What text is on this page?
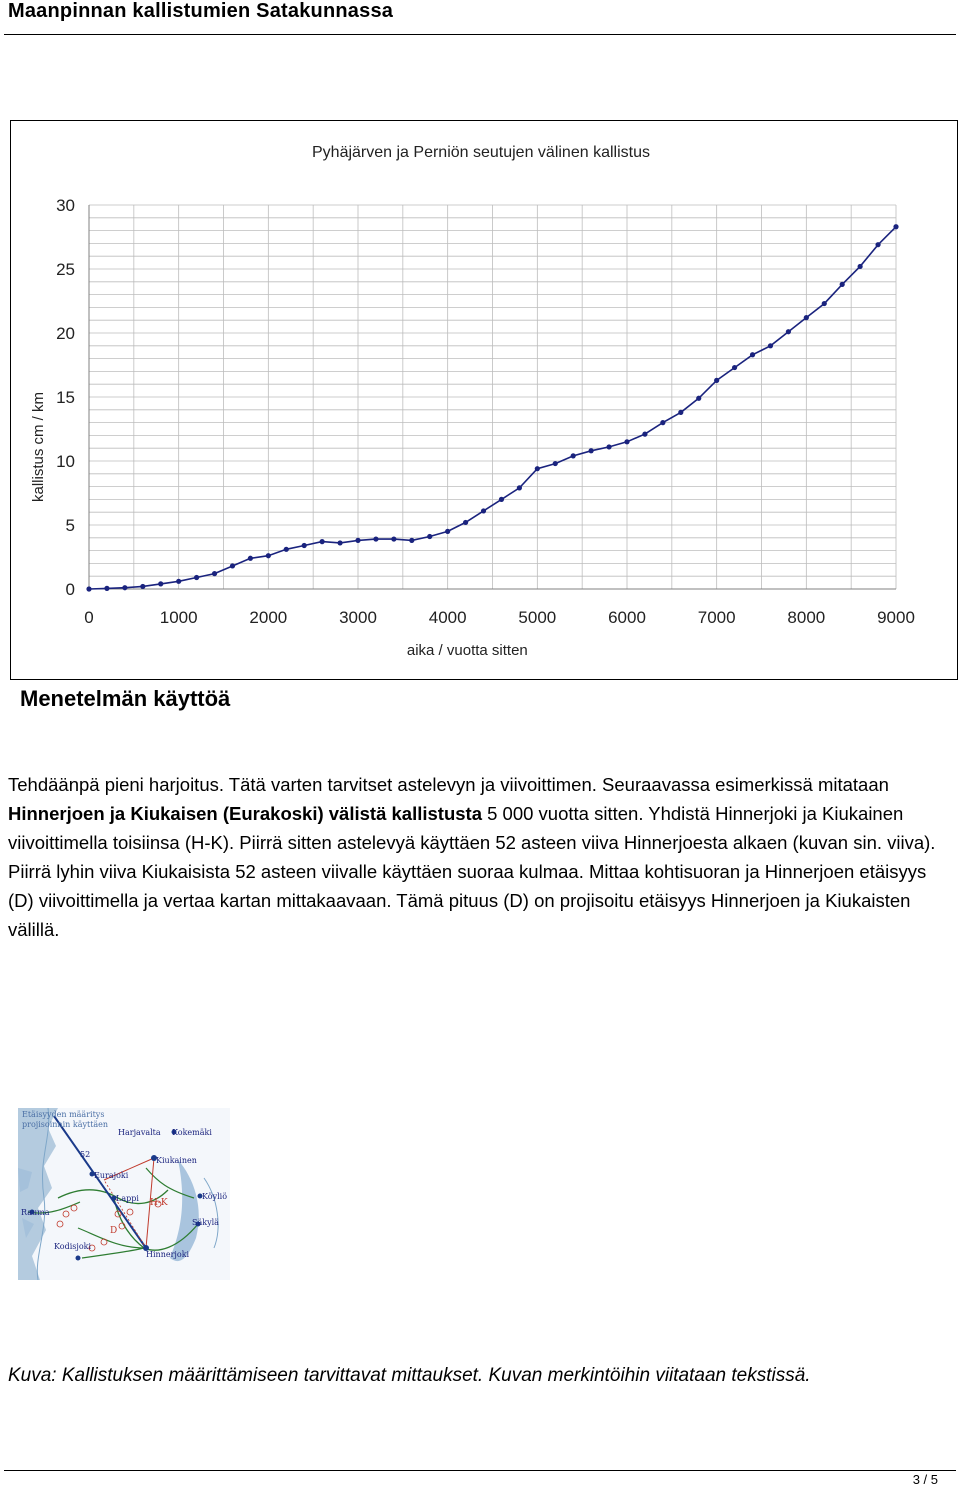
Maanpinnan kallistumien Satakunnassa
0	1000	2000	3000	4000	5000	6000	7000	8000	9000
0
5
10
15
20
25
30
Pyhäjärven ja Perniön seutujen välinen kallistus
aika / vuotta sitten
kallistus cm / km
Menetelmän käyttöä
Tehdäänpä pieni harjoitus. Tätä varten tarvitset astelevyn ja viivoittimen. Seuraavassa esimerkissä mitataan Hinnerjoen ja Kiukaisen (Eurakoski) välistä kallistusta 5 000 vuotta sitten. Yhdistä Hinnerjoki ja Kiukainen viivoittimella toisiinsa (H-K). Piirrä sitten astelevyä käyttäen 52 asteen viiva Hinnerjoesta alkaen (kuvan sin. viiva). Piirrä lyhin viiva Kiukaisista 52 asteen viivalle käyttäen suoraa kulmaa. Mittaa kohtisuoran ja Hinnerjoen etäisyys (D) viivoittimella ja vertaa kartan mittakaavaan. Tämä pituus (D) on projisoitu etäisyys Hinnerjoen ja Kiukaisten välillä.
Etäisyyden määritys projisoinnin käyttäen
Harjavalta Kokemäki
Kiukainen
Eurajoki
Lappi
Rauma
Köyliö
Säkylä
Kodisjoki
Hinnerjoki
H-K
D
52
Kuva: Kallistuksen määrittämiseen tarvittavat mittaukset. Kuvan merkintöihin viitataan tekstissä.
3 / 5
